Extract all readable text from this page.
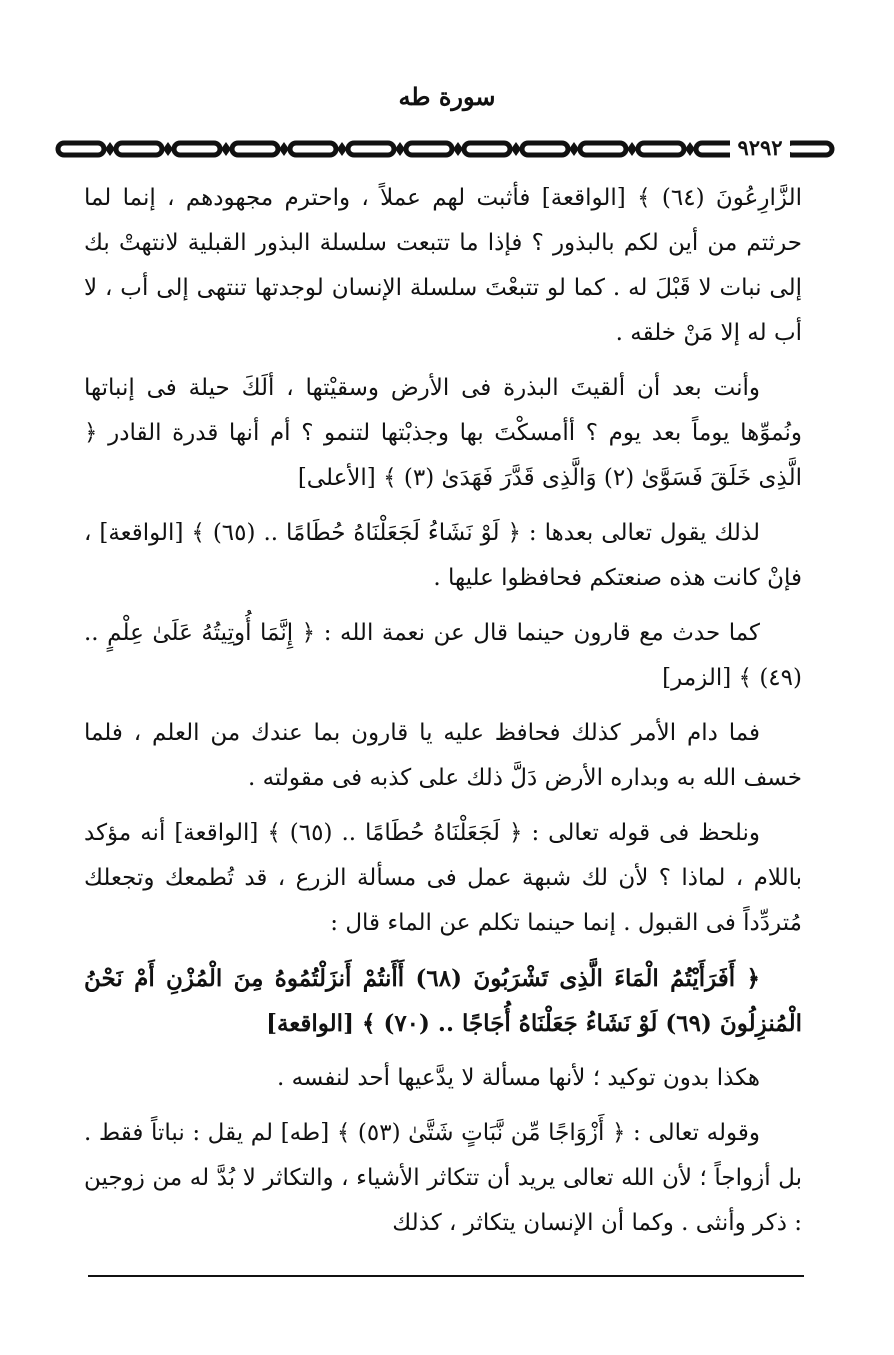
سورة طه
٩٢٩٢

الزَّارِعُونَ (٦٤) ﴾ [الواقعة] فأثبت لهم عملاً ، واحترم مجهودهم ، إنما لما حرثتم من أين لكم بالبذور ؟ فإذا ما تتبعت سلسلة البذور القبلية لانتهتْ بك إلى نبات لا قَبْلَ له . كما لو تتبعْتَ سلسلة الإنسان لوجدتها تنتهى إلى أب ، لا أب له إلا مَنْ خلقه .

وأنت بعد أن ألقيتَ البذرة فى الأرض وسقيْتها ، ألَكَ حيلة فى إنباتها ونُموِّها يوماً بعد يوم ؟ أأمسكْتَ بها وجذبْتها لتنمو ؟ أم أنها قدرة القادر ﴿ الَّذِى خَلَقَ فَسَوَّىٰ (٢) وَالَّذِى قَدَّرَ فَهَدَىٰ (٣) ﴾ [الأعلى]

لذلك يقول تعالى بعدها : ﴿ لَوْ نَشَاءُ لَجَعَلْنَاهُ حُطَامًا .. (٦٥) ﴾ [الواقعة] ، فإنْ كانت هذه صنعتكم فحافظوا عليها .

كما حدث مع قارون حينما قال عن نعمة الله : ﴿ إِنَّمَا أُوتِيتُهُ عَلَىٰ عِلْمٍ .. (٤٩) ﴾ [الزمر]

فما دام الأمر كذلك فحافظ عليه يا قارون بما عندك من العلم ، فلما خسف الله به وبداره الأرض دَلَّ ذلك على كذبه فى مقولته .

ونلحظ فى قوله تعالى : ﴿ لَجَعَلْنَاهُ حُطَامًا .. (٦٥) ﴾ [الواقعة] أنه مؤكد باللام ، لماذا ؟ لأن لك شبهة عمل فى مسألة الزرع ، قد تُطمعك وتجعلك مُتردِّداً فى القبول . إنما حينما تكلم عن الماء قال :

﴿ أَفَرَأَيْتُمُ الْمَاءَ الَّذِى تَشْرَبُونَ (٦٨) أَأَنتُمْ أَنزَلْتُمُوهُ مِنَ الْمُزْنِ أَمْ نَحْنُ الْمُنزِلُونَ (٦٩) لَوْ نَشَاءُ جَعَلْنَاهُ أُجَاجًا .. (٧٠) ﴾ [الواقعة]

هكذا بدون توكيد ؛ لأنها مسألة لا يدَّعيها أحد لنفسه .

وقوله تعالى : ﴿ أَزْوَاجًا مِّن نَّبَاتٍ شَتَّىٰ (٥٣) ﴾ [طه] لم يقل : نباتاً فقط . بل أزواجاً ؛ لأن الله تعالى يريد أن تتكاثر الأشياء ، والتكاثر لا بُدَّ له من زوجين : ذكر وأنثى . وكما أن الإنسان يتكاثر ، كذلك
